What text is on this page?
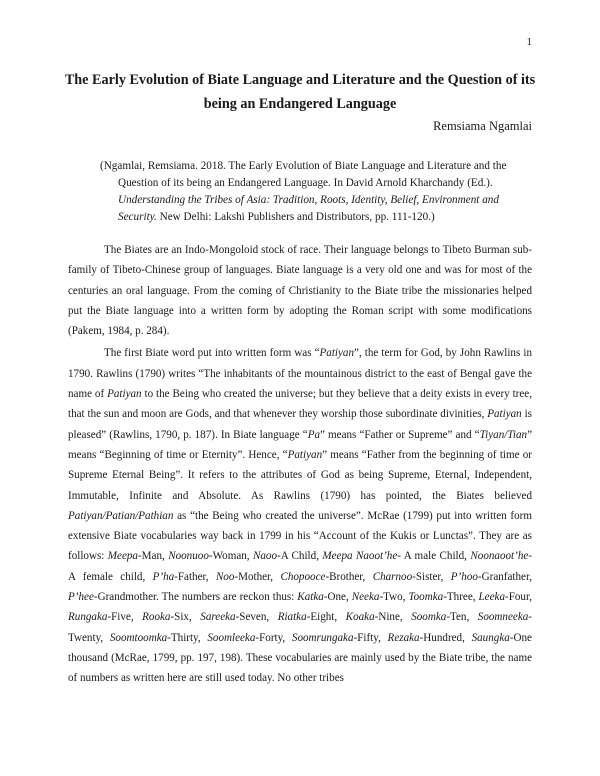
1
The Early Evolution of Biate Language and Literature and the Question of its being an Endangered Language
Remsiama Ngamlai
(Ngamlai, Remsiama. 2018. The Early Evolution of Biate Language and Literature and the
Question of its being an Endangered Language. In David Arnold Kharchandy (Ed.). Understanding the Tribes of Asia: Tradition, Roots, Identity, Belief, Environment and Security. New Delhi: Lakshi Publishers and Distributors, pp. 111-120.)

The Biates are an Indo-Mongoloid stock of race. Their language belongs to Tibeto Burman sub-family of Tibeto-Chinese group of languages. Biate language is a very old one and was for most of the centuries an oral language. From the coming of Christianity to the Biate tribe the missionaries helped put the Biate language into a written form by adopting the Roman script with some modifications (Pakem, 1984, p. 284).

The first Biate word put into written form was “Patiyan”, the term for God, by John Rawlins in 1790. Rawlins (1790) writes “The inhabitants of the mountainous district to the east of Bengal gave the name of Patiyan to the Being who created the universe; but they believe that a deity exists in every tree, that the sun and moon are Gods, and that whenever they worship those subordinate divinities, Patiyan is pleased” (Rawlins, 1790, p. 187). In Biate language “Pa” means “Father or Supreme” and “Tiyan/Tian” means “Beginning of time or Eternity”. Hence, “Patiyan” means “Father from the beginning of time or Supreme Eternal Being”. It refers to the attributes of God as being Supreme, Eternal, Independent, Immutable, Infinite and Absolute. As Rawlins (1790) has pointed, the Biates believed Patiyan/Patian/Pathian as “the Being who created the universe”. McRae (1799) put into written form extensive Biate vocabularies way back in 1799 in his “Account of the Kukis or Lunctas”. They are as follows: Meepa-Man, Noonuoo-Woman, Naoo-A Child, Meepa Naoot’he- A male Child, Noonaoot’he-A female child, P’ha-Father, Noo-Mother, Chopooce-Brother, Charnoo-Sister, P’hoo-Granfather, P’hee-Grandmother. The numbers are reckon thus: Katka-One, Neeka-Two, Toomka-Three, Leeka-Four, Rungaka-Five, Rooka-Six, Sareeka-Seven, Riatka-Eight, Koaka-Nine, Soomka-Ten, Soomneeka-Twenty, Soomtoomka-Thirty, Soomleeka-Forty, Soomrungaka-Fifty, Rezaka-Hundred, Saungka-One thousand (McRae, 1799, pp. 197, 198). These vocabularies are mainly used by the Biate tribe, the name of numbers as written here are still used today. No other tribes
